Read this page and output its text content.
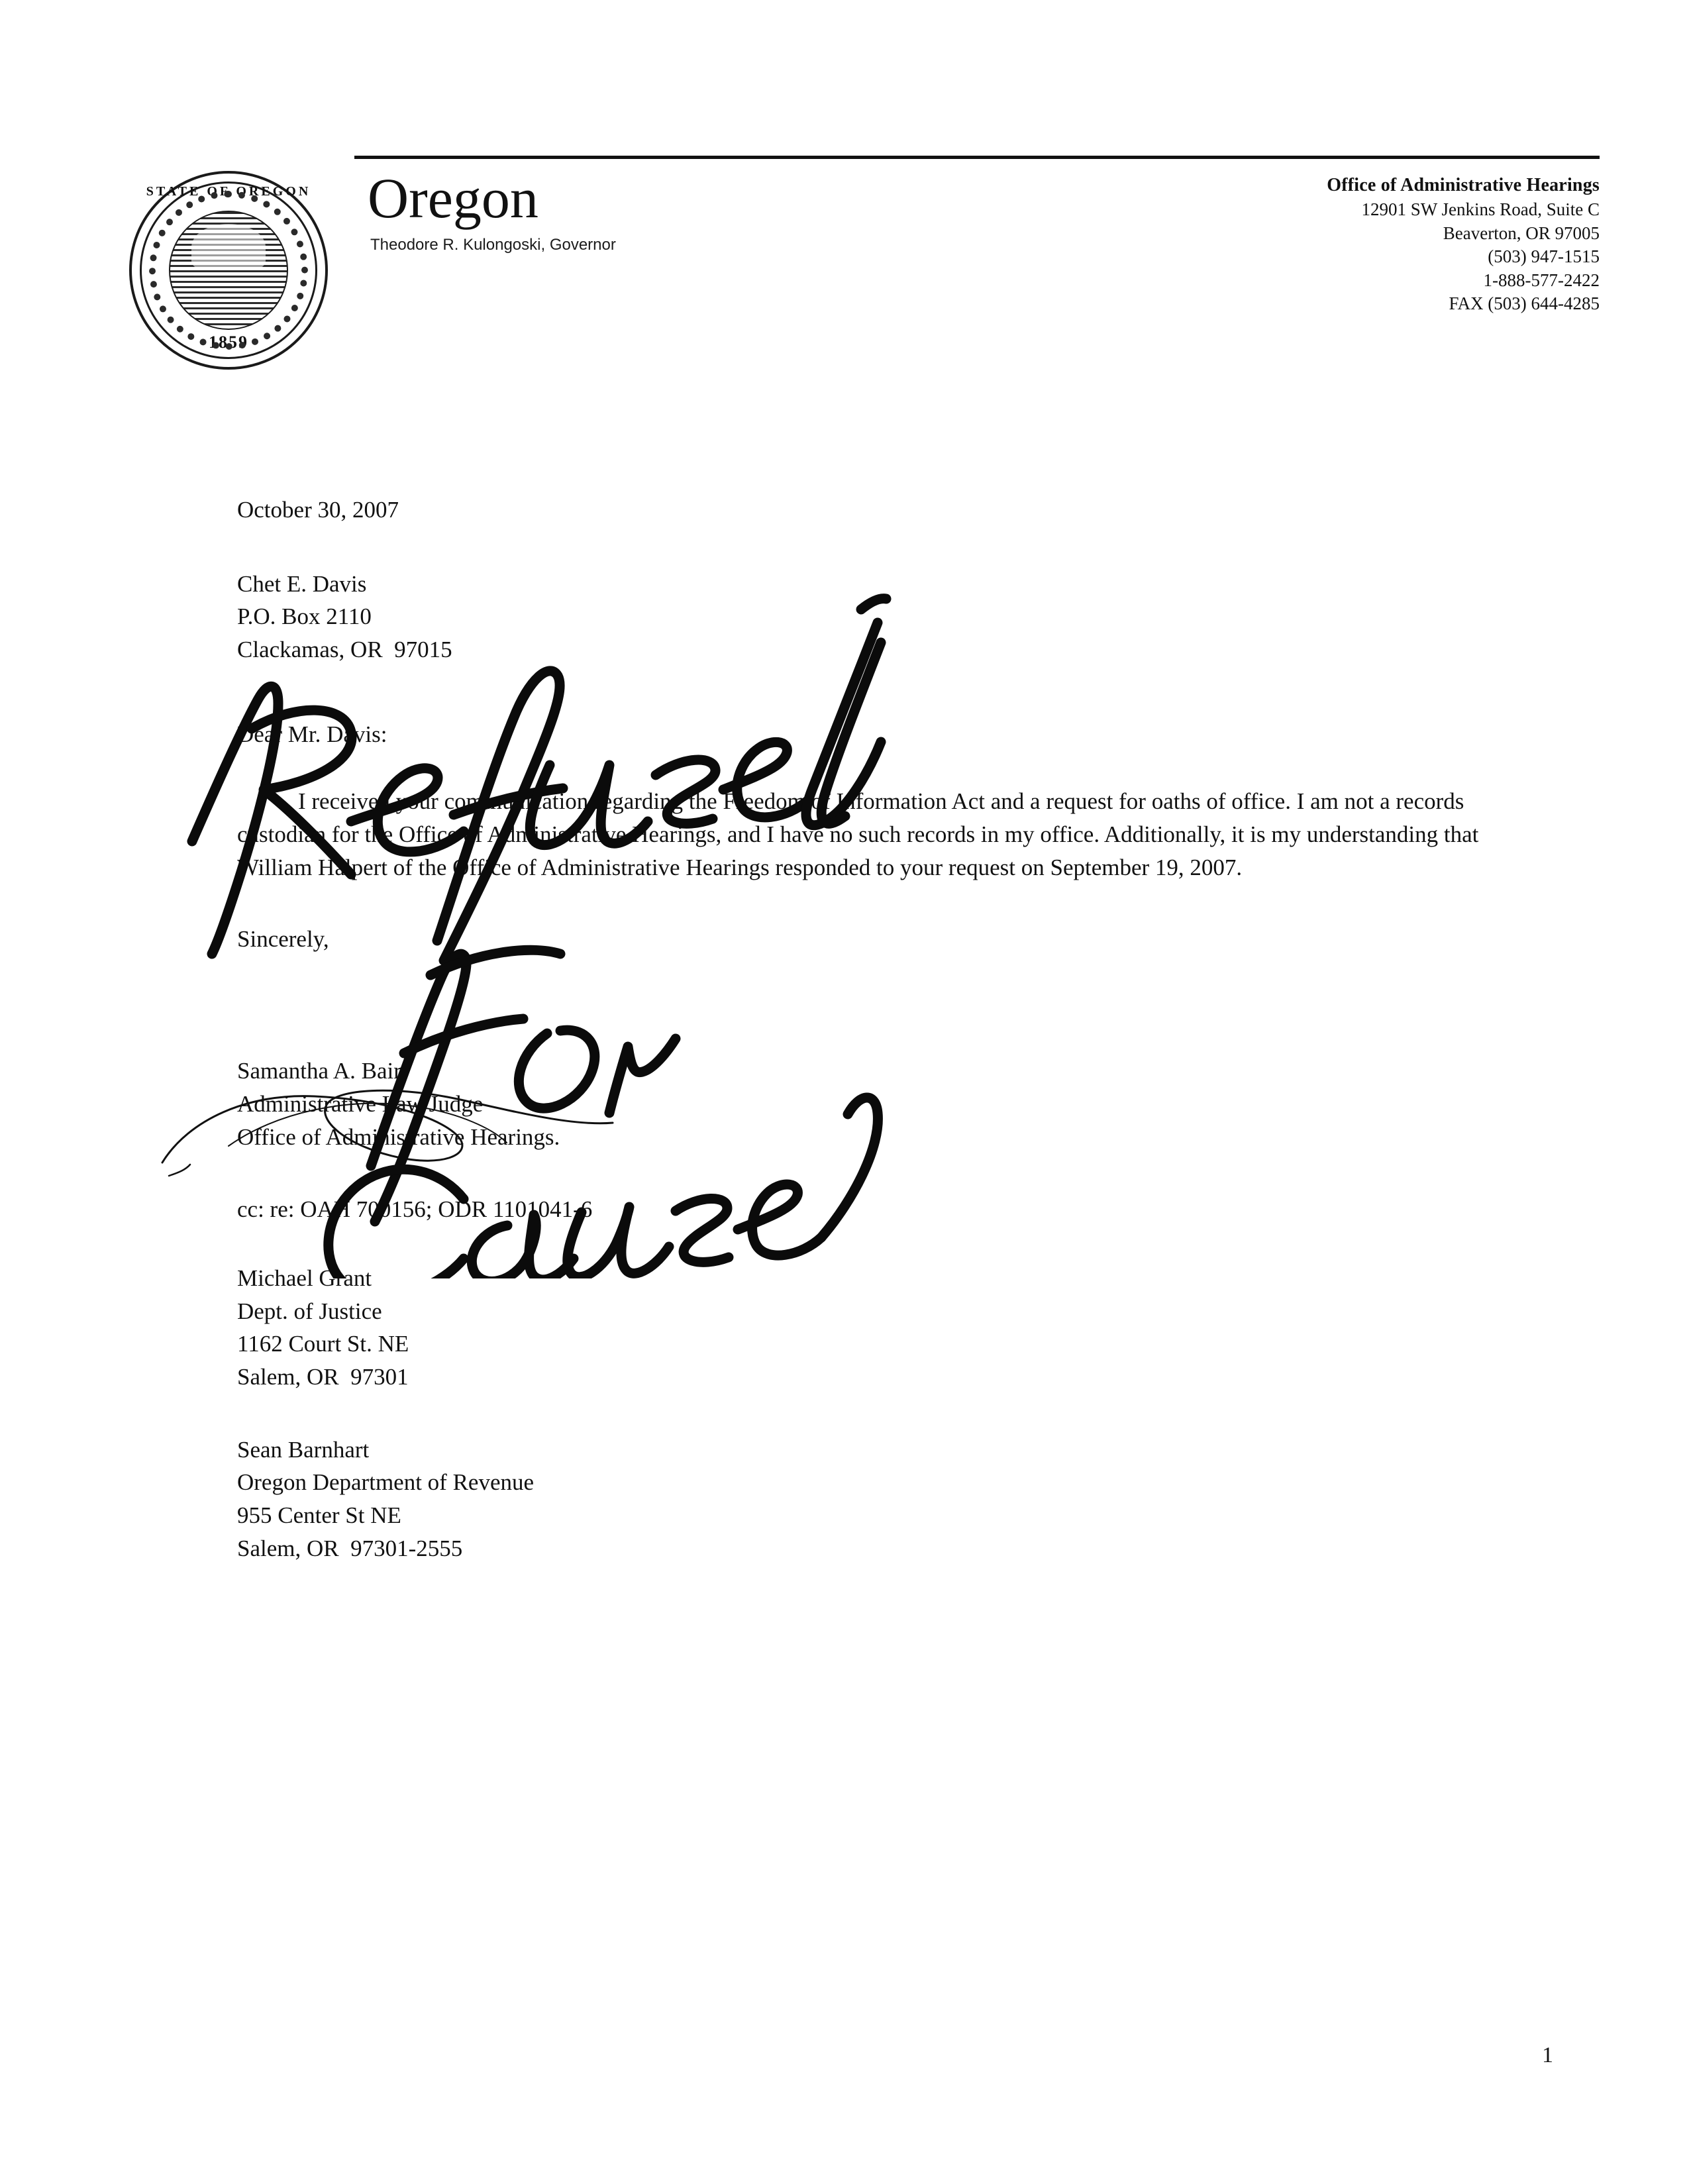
STATE OF OREGON
1859
Oregon
Theodore R. Kulongoski, Governor
Office of Administrative Hearings
12901 SW Jenkins Road, Suite C
Beaverton, OR 97005
(503) 947-1515
1-888-577-2422
FAX (503) 644-4285
October 30, 2007
Chet E. Davis
P.O. Box 2110
Clackamas, OR  97015
Dear Mr. Davis:
I received your communication regarding the Freedom of Information Act and a request for oaths of office. I am not a records custodian for the Office of Administrative Hearings, and I have no such records in my office. Additionally, it is my understanding that William Halpert of the Office of Administrative Hearings responded to your request on September 19, 2007.
Sincerely,
Samantha A. Bair
Administrative Law Judge
Office of Administrative Hearings.
cc: re: OAH 700156; ODR 1101041-6
Michael Grant
Dept. of Justice
1162 Court St. NE
Salem, OR  97301
Sean Barnhart
Oregon Department of Revenue
955 Center St NE
Salem, OR  97301-2555
1
